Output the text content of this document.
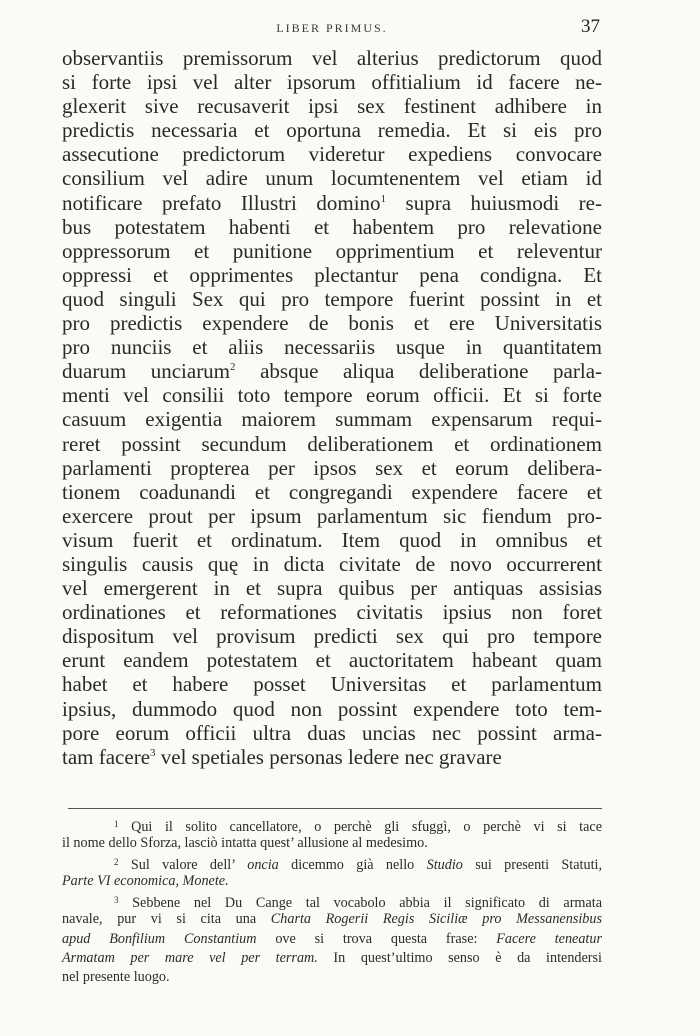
LIBER PRIMUS.	37
observantiis premissorum vel alterius predictorum quod
si forte ipsi vel alter ipsorum offitialium id facere ne-
glexerit sive recusaverit ipsi sex festinent adhibere in
predictis necessaria et oportuna remedia. Et si eis pro
assecutione predictorum videretur expediens convocare
consilium vel adire unum locumtenentem vel etiam id
notificare prefato Illustri domino$^1$ supra huiusmodi re-
bus potestatem habenti et habentem pro relevatione
oppressorum et punitione opprimentium et releventur
oppressi et opprimentes plectantur pena condigna. Et
quod singuli Sex qui pro tempore fuerint possint in et
pro predictis expendere de bonis et ere Universitatis
pro nunciis et aliis necessariis usque in quantitatem
duarum unciarum$^2$ absque aliqua deliberatione parla-
menti vel consilii toto tempore eorum officii. Et si forte
casuum exigentia maiorem summam expensarum requi-
reret possint secundum deliberationem et ordinationem
parlamenti propterea per ipsos sex et eorum delibera-
tionem coadunandi et congregandi expendere facere et
exercere prout per ipsum parlamentum sic fiendum pro-
visum fuerit et ordinatum. Item quod in omnibus et
singulis causis quę in dicta civitate de novo occurrerent
vel emergerent in et supra quibus per antiquas assisias
ordinationes et reformationes civitatis ipsius non foret
dispositum vel provisum predicti sex qui pro tempore
erunt eandem potestatem et auctoritatem habeant quam
habet et habere posset Universitas et parlamentum
ipsius, dummodo quod non possint expendere toto tem-
pore eorum officii ultra duas uncias nec possint arma-
tam facere$^3$ vel spetiales personas ledere nec gravare
$^1$ Qui il solito cancellatore, o perchè gli sfuggì, o perchè vi si tace
il nome dello Sforza, lasciò intatta quest’ allusione al medesimo.
$^2$ Sul valore dell’ oncia dicemmo già nello Studio sui presenti Statuti,
Parte VI economica, Monete.
$^3$ Sebbene nel Du Cange tal vocabolo abbia il significato di armata
navale, pur vi si cita una Charta Rogerii Regis Siciliæ pro Messanensibus
apud Bonfilium Constantium ove si trova questa frase: Facere teneatur
Armatam per mare vel per terram. In quest’ultimo senso è da intendersi
nel presente luogo.
